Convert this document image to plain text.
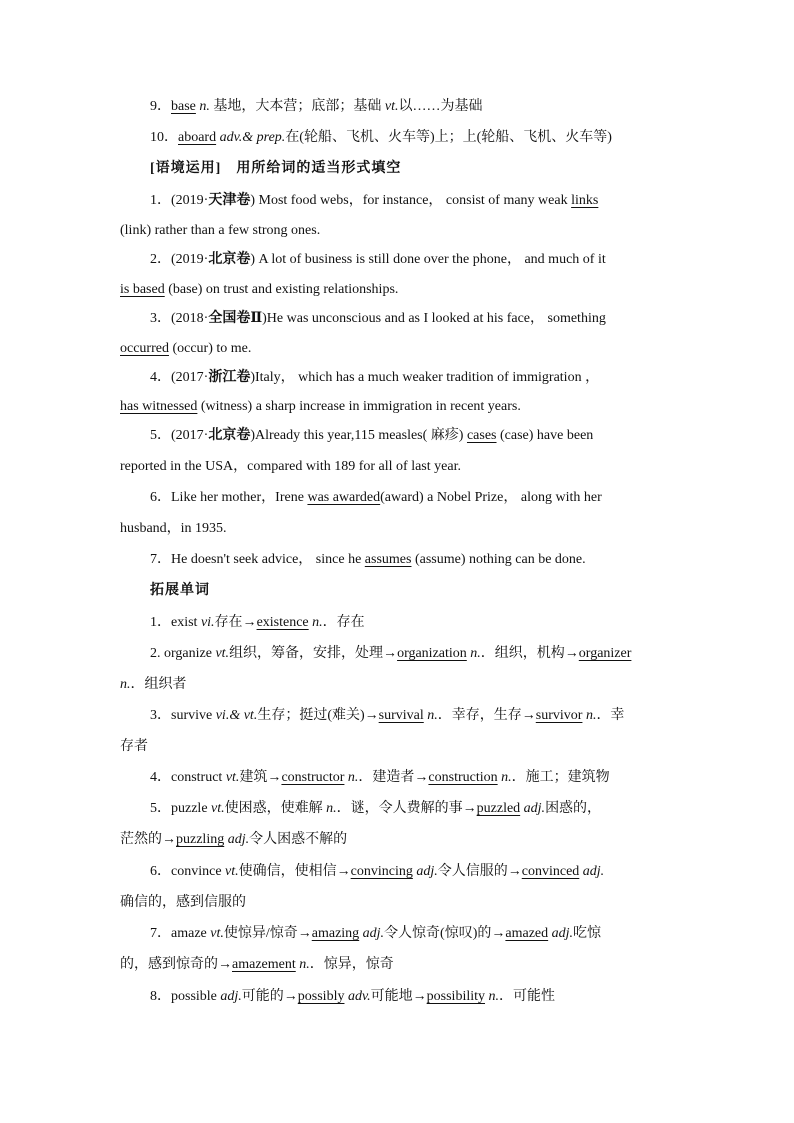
9．base n. 基地，大本营；底部；基础 vt.以……为基础
10．aboard adv.& prep.在(轮船、飞机、火车等)上；上(轮船、飞机、火车等)
[语境运用]　用所给词的适当形式填空
1．(2019·天津卷) Most food webs，for instance， consist of many weak links
(link) rather than a few strong ones.
2．(2019·北京卷) A lot of business is still done over the phone， and much of it
is based (base) on trust and existing relationships.
3．(2018·全国卷Ⅱ)He was unconscious and as I looked at his face， something
occurred (occur) to me.
4．(2017·浙江卷)Italy， which has a much weaker tradition of immigration ，
has witnessed (witness) a sharp increase in immigration in recent years.
5．(2017·北京卷)Already this year,115 measles( 麻疹) cases (case) have been
reported in the USA，compared with 189 for all of last year.
6．Like her mother，Irene was awarded(award) a Nobel Prize， along with her
husband，in 1935.
7．He doesn't seek advice， since he assumes (assume) nothing can be done.
拓展单词
1．exist vi.存在→existence n.．存在
2. organize vt.组织，筹备，安排，处理→organization n.．组织，机构→organizer
n.．组织者
3．survive vi.& vt.生存；挺过(难关)→survival n.．幸存，生存→survivor n.．幸
存者
4．construct vt.建筑→constructor n.．建造者→construction n.．施工；建筑物
5．puzzle vt.使困惑，使难解 n.．谜，令人费解的事→puzzled adj.困惑的，
茫然的→puzzling adj.令人困惑不解的
6．convince vt.使确信，使相信→convincing adj.令人信服的→convinced adj.
确信的，感到信服的
7．amaze vt.使惊异/惊奇→amazing adj.令人惊奇(惊叹)的→amazed adj.吃惊
的，感到惊奇的→amazement n.．惊异，惊奇
8．possible adj.可能的→possibly adv.可能地→possibility n.．可能性
